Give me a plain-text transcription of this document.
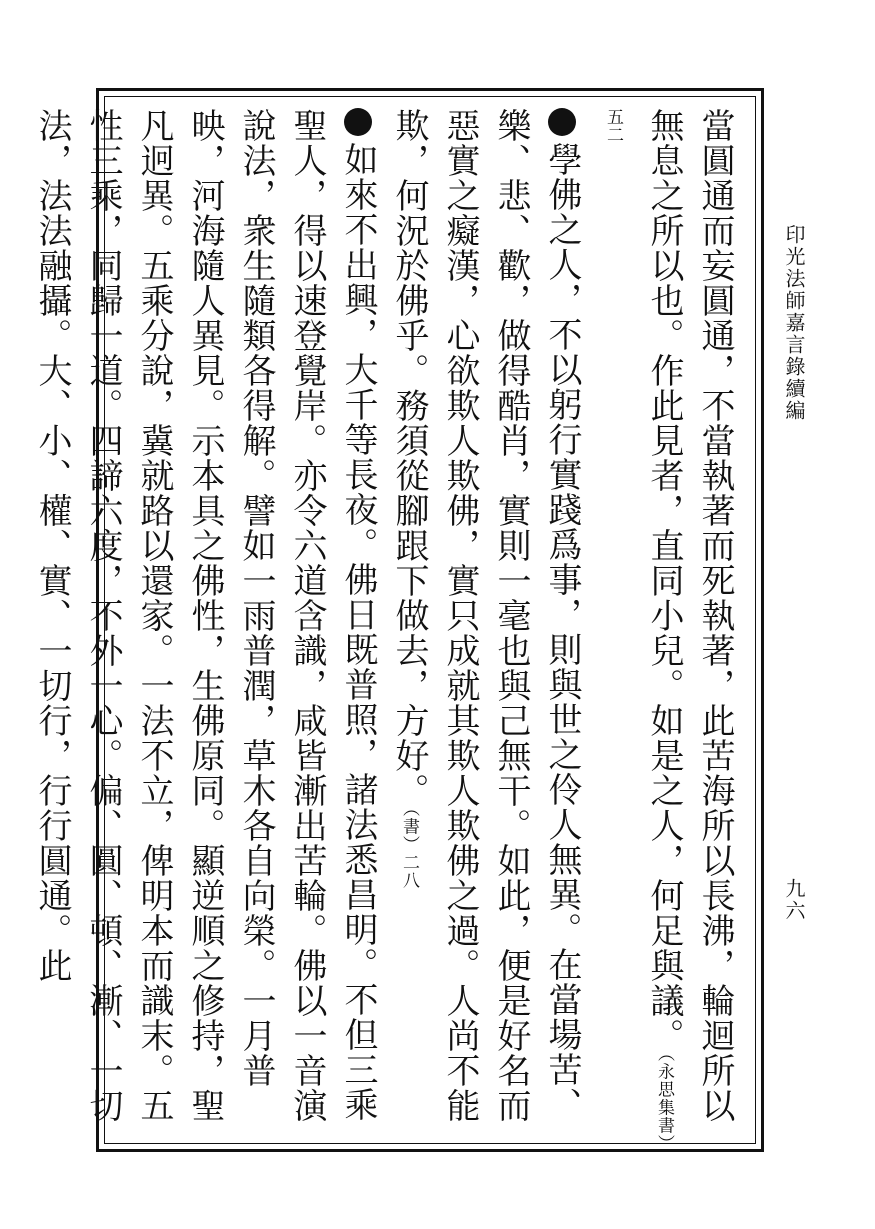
印光法師嘉言錄續編
九六

當圓通而妄圓通，不當執著而死執著，此苦海所以長沸，輪迴所以無息之所以也。作此見者，直同小兒。如是之人，何足與議。（永思集書）五二

學佛之人，不以躬行實踐爲事，則與世之伶人無異。在當場苦、樂、悲、歡，做得酷肖，實則一毫也與己無干。如此，便是好名而惡實之癡漢，心欲欺人欺佛，實只成就其欺人欺佛之過。人尚不能欺，何況於佛乎。務須從腳跟下做去，方好。（書）二八

如來不出興，大千等長夜。佛日既普照，諸法悉昌明。不但三乘聖人，得以速登覺岸。亦令六道含識，咸皆漸出苦輪。佛以一音演說法，衆生隨類各得解。譬如一雨普潤，草木各自向榮。一月普映，河海隨人異見。示本具之佛性，生佛原同。顯逆順之修持，聖凡迥異。五乘分說，冀就路以還家。一法不立，俾明本而識末。五性三乘，同歸一道。四諦六度，不外一心。偏、圓、頓、漸、一切法，法法融攝。大、小、權、實、一切行，行行圓通。此
